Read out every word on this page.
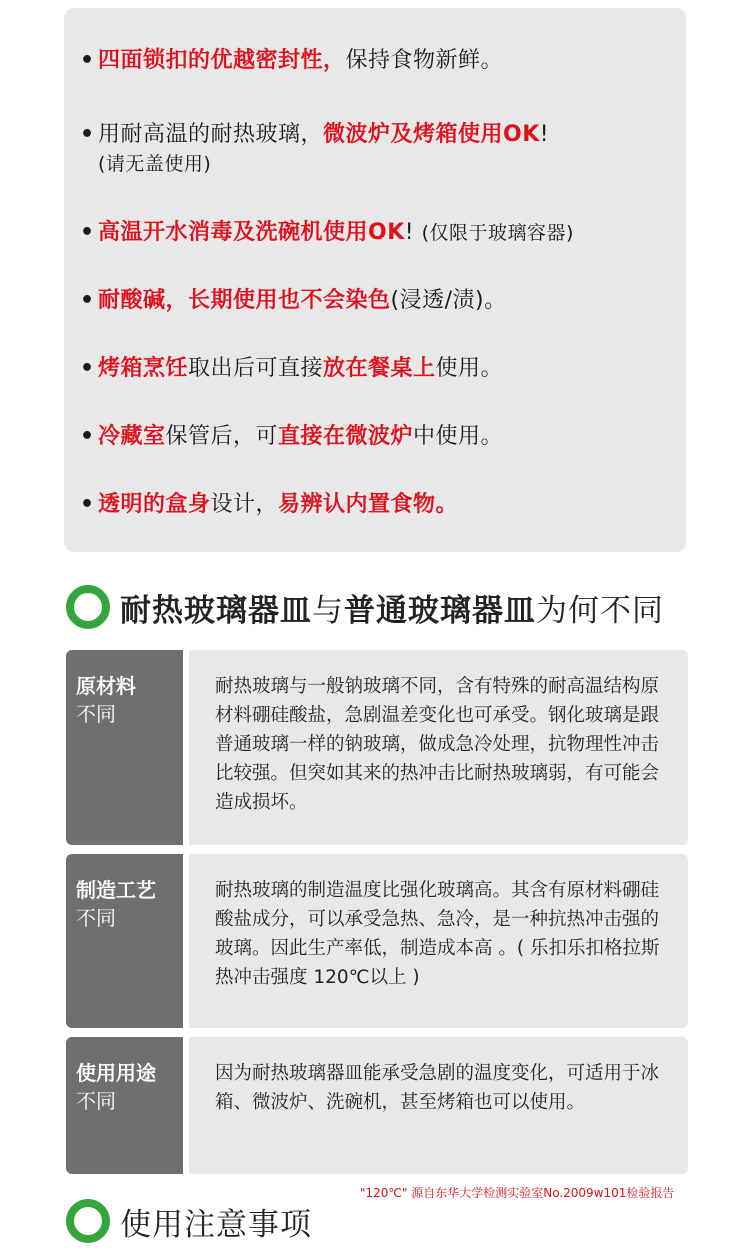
• 四面锁扣的优越密封性，保持食物新鲜。
• 用耐高温的耐热玻璃，微波炉及烤箱使用OK!
(请无盖使用)
• 高温开水消毒及洗碗机使用OK! (仅限于玻璃容器)
• 耐酸碱，长期使用也不会染色(浸透/渍)。
• 烤箱烹饪取出后可直接放在餐桌上使用。
• 冷藏室保管后，可直接在微波炉中使用。
• 透明的盒身设计，易辨认内置食物。
耐热玻璃器皿与普通玻璃器皿为何不同
原材料
不同
耐热玻璃与一般钠玻璃不同，含有特殊的耐高温结构原材料硼硅酸盐，急剧温差变化也可承受。钢化玻璃是跟普通玻璃一样的钠玻璃，做成急冷处理，抗物理性冲击比较强。但突如其来的热冲击比耐热玻璃弱，有可能会造成损坏。
制造工艺
不同
耐热玻璃的制造温度比强化玻璃高。其含有原材料硼硅酸盐成分，可以承受急热、急冷，是一种抗热冲击强的玻璃。因此生产率低，制造成本高 。( 乐扣乐扣格拉斯热冲击强度 120℃以上 )
使用用途
不同
因为耐热玻璃器皿能承受急剧的温度变化，可适用于冰箱、微波炉、洗碗机，甚至烤箱也可以使用。
"120℃" 源自东华大学检测实验室No.2009w101检验报告
使用注意事项
